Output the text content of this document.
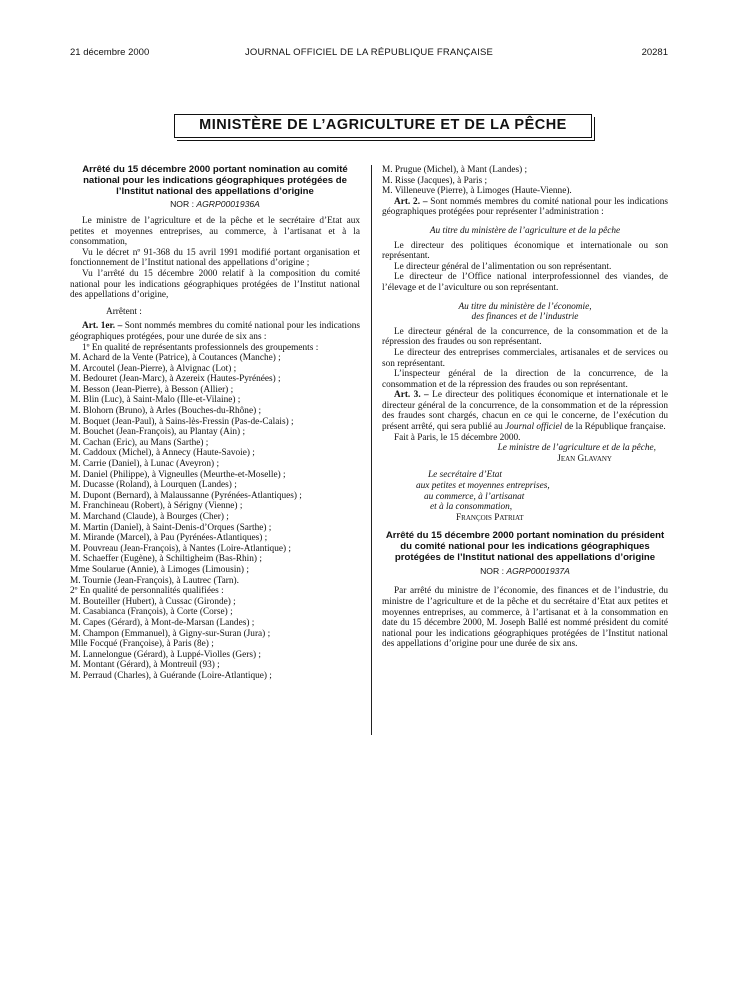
21 décembre 2000	JOURNAL OFFICIEL DE LA RÉPUBLIQUE FRANÇAISE	20281
MINISTÈRE DE L’AGRICULTURE ET DE LA PÊCHE
Arrêté du 15 décembre 2000 portant nomination au comité national pour les indications géographiques protégées de l’Institut national des appellations d’origine
NOR : AGRP0001936A

Le ministre de l’agriculture et de la pêche et le secrétaire d’Etat aux petites et moyennes entreprises, au commerce, à l’artisanat et à la consommation,

Vu le décret nº 91-368 du 15 avril 1991 modifié portant organisation et fonctionnement de l’Institut national des appellations d’origine ;

Vu l’arrêté du 15 décembre 2000 relatif à la composition du comité national pour les indications géographiques protégées de l’Institut national des appellations d’origine,

Arrêtent :

Art. 1er. – Sont nommés membres du comité national pour les indications géographiques protégées, pour une durée de six ans :

1º En qualité de représentants professionnels des groupements :

M. Achard de la Vente (Patrice), à Coutances (Manche) ;

M. Arcoutel (Jean-Pierre), à Alvignac (Lot) ;

M. Bedouret (Jean-Marc), à Azereix (Hautes-Pyrénées) ;

M. Besson (Jean-Pierre), à Besson (Allier) ;

M. Blin (Luc), à Saint-Malo (Ille-et-Vilaine) ;

M. Blohorn (Bruno), à Arles (Bouches-du-Rhône) ;

M. Boquet (Jean-Paul), à Sains-lès-Fressin (Pas-de-Calais) ;

M. Bouchet (Jean-François), au Plantay (Ain) ;

M. Cachan (Eric), au Mans (Sarthe) ;

M. Caddoux (Michel), à Annecy (Haute-Savoie) ;

M. Carrie (Daniel), à Lunac (Aveyron) ;

M. Daniel (Philippe), à Vigneulles (Meurthe-et-Moselle) ;

M. Ducasse (Roland), à Lourquen (Landes) ;

M. Dupont (Bernard), à Malaussanne (Pyrénées-Atlantiques) ;

M. Franchineau (Robert), à Sérigny (Vienne) ;

M. Marchand (Claude), à Bourges (Cher) ;

M. Martin (Daniel), à Saint-Denis-d’Orques (Sarthe) ;

M. Mirande (Marcel), à Pau (Pyrénées-Atlantiques) ;

M. Pouvreau (Jean-François), à Nantes (Loire-Atlantique) ;

M. Schaeffer (Eugène), à Schiltigheim (Bas-Rhin) ;

Mme Soularue (Annie), à Limoges (Limousin) ;

M. Tournie (Jean-François), à Lautrec (Tarn).

2º En qualité de personnalités qualifiées :

M. Bouteiller (Hubert), à Cussac (Gironde) ;

M. Casabianca (François), à Corte (Corse) ;

M. Capes (Gérard), à Mont-de-Marsan (Landes) ;

M. Champon (Emmanuel), à Gigny-sur-Suran (Jura) ;

Mlle Focqué (Françoise), à Paris (8e) ;

M. Lannelongue (Gérard), à Luppé-Violles (Gers) ;

M. Montant (Gérard), à Montreuil (93) ;

M. Perraud (Charles), à Guérande (Loire-Atlantique) ;

M. Prugue (Michel), à Mant (Landes) ;

M. Risse (Jacques), à Paris ;

M. Villeneuve (Pierre), à Limoges (Haute-Vienne).

Art. 2. – Sont nommés membres du comité national pour les indications géographiques protégées pour représenter l’administration :

Au titre du ministère de l’agriculture et de la pêche

Le directeur des politiques économique et internationale ou son représentant.

Le directeur général de l’alimentation ou son représentant.

Le directeur de l’Office national interprofessionnel des viandes, de l’élevage et de l’aviculture ou son représentant.

Au titre du ministère de l’économie,

des finances et de l’industrie

Le directeur général de la concurrence, de la consommation et de la répression des fraudes ou son représentant.

Le directeur des entreprises commerciales, artisanales et de services ou son représentant.

L’inspecteur général de la direction de la concurrence, de la consommation et de la répression des fraudes ou son représentant.

Art. 3. – Le directeur des politiques économique et internationale et le directeur général de la concurrence, de la consommation et de la répression des fraudes sont chargés, chacun en ce qui le concerne, de l’exécution du présent arrêté, qui sera publié au Journal officiel de la République française.

Fait à Paris, le 15 décembre 2000.

Le ministre de l’agriculture et de la pêche,

Jean Glavany

Le secrétaire d’Etat

aux petites et moyennes entreprises,

au commerce, à l’artisanat

et à la consommation,

François Patriat

Arrêté du 15 décembre 2000 portant nomination du président du comité national pour les indications géographiques protégées de l’Institut national des appellations d’origine
NOR : AGRP0001937A

Par arrêté du ministre de l’économie, des finances et de l’industrie, du ministre de l’agriculture et de la pêche et du secrétaire d’Etat aux petites et moyennes entreprises, au commerce, à l’artisanat et à la consommation en date du 15 décembre 2000, M. Joseph Ballé est nommé président du comité national pour les indications géographiques protégées de l’Institut national des appellations d’origine pour une durée de six ans.
